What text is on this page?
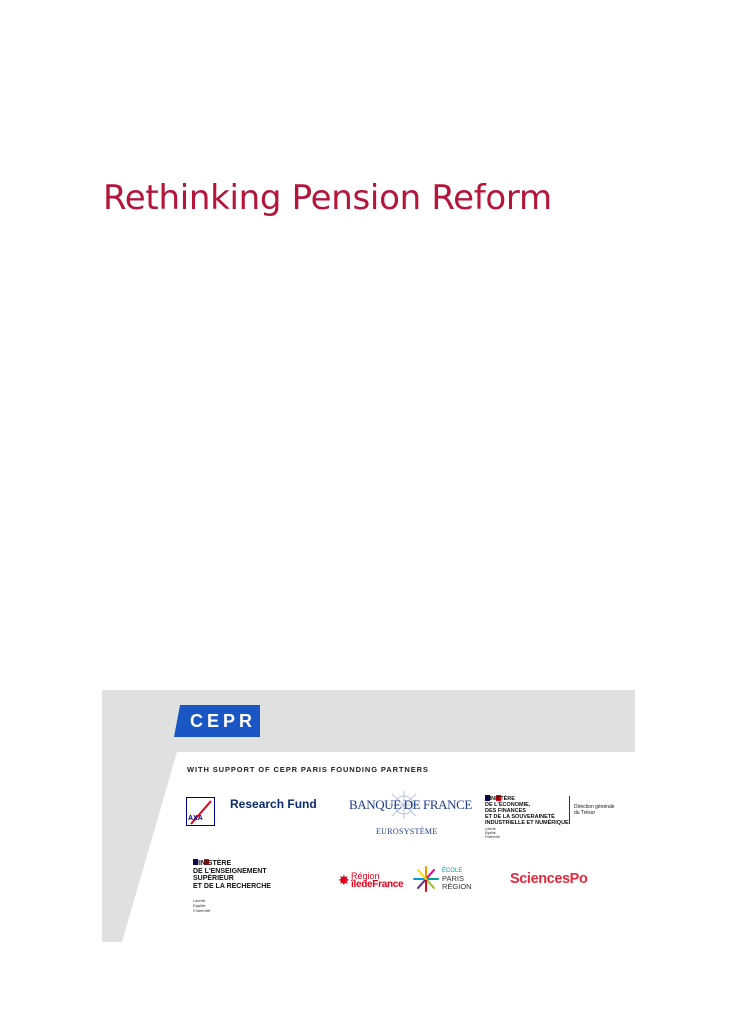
Rethinking Pension Reform
CEPR
WITH SUPPORT OF CEPR PARIS FOUNDING PARTNERS
AXA
Research Fund BANQUE DE FRANCE
EUROSYSTÈME
MINISTÈRE
DE L'ÉCONOMIE,
DES FINANCES
ET DE LA SOUVERAINETÉ
INDUSTRIELLE ET NUMÉRIQUE
Liberté
Égalité
Fraternité
Direction générale
du Trésor
MINISTÈRE
DE L'ENSEIGNEMENT
SUPÉRIEUR
ET DE LA RECHERCHE
Liberté
Égalité
Fraternité
✸ Région
îledeFrance
ÉCOLE
PARIS
RÉGION	SciencesPo
